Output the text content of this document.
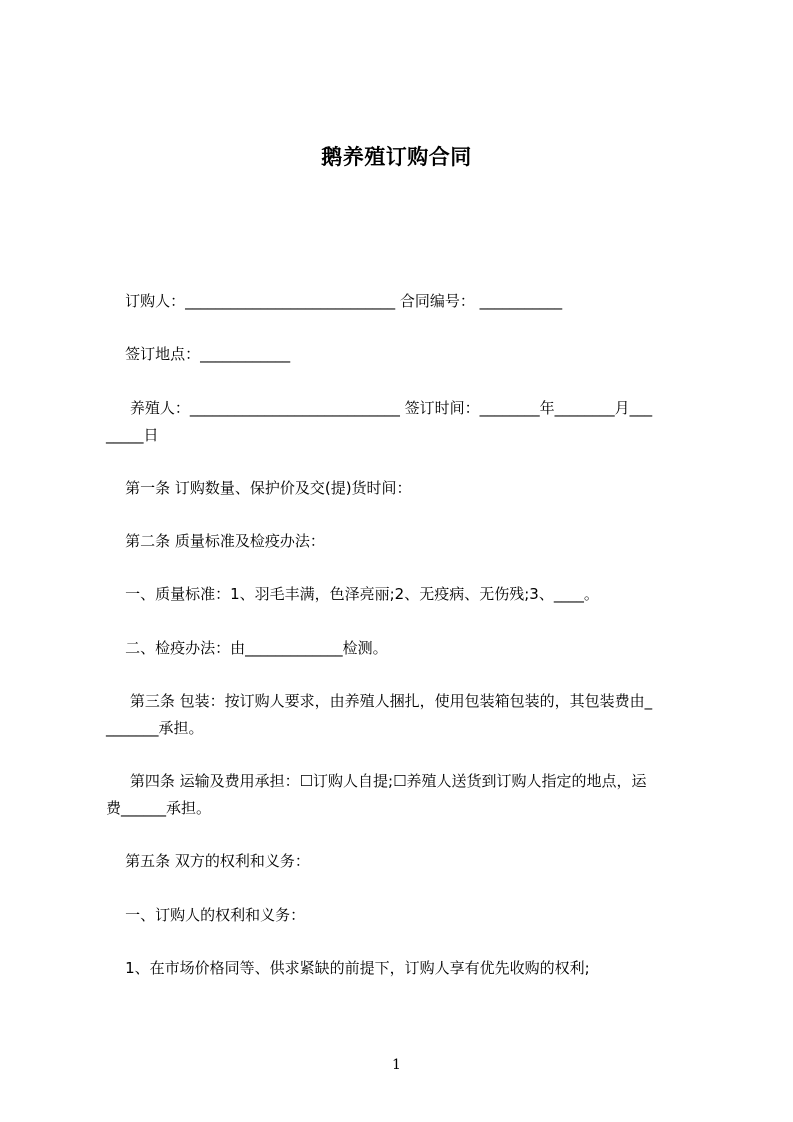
鹅养殖订购合同
订购人：____________________________ 合同编号： ___________
签订地点：____________
养殖人：____________________________ 签订时间：________年________月___
_____日
第一条 订购数量、保护价及交(提)货时间：
第二条 质量标准及检疫办法：
一、质量标准：1、羽毛丰满，色泽亮丽;2、无疫病、无伤残;3、____。
二、检疫办法：由_____________检测。
第三条 包装：按订购人要求，由养殖人捆扎，使用包装箱包装的，其包装费由_
_______承担。
第四条 运输及费用承担：☐订购人自提;☐养殖人送货到订购人指定的地点，运
费______承担。
第五条 双方的权利和义务：
一、订购人的权利和义务：
1、在市场价格同等、供求紧缺的前提下，订购人享有优先收购的权利;
1
